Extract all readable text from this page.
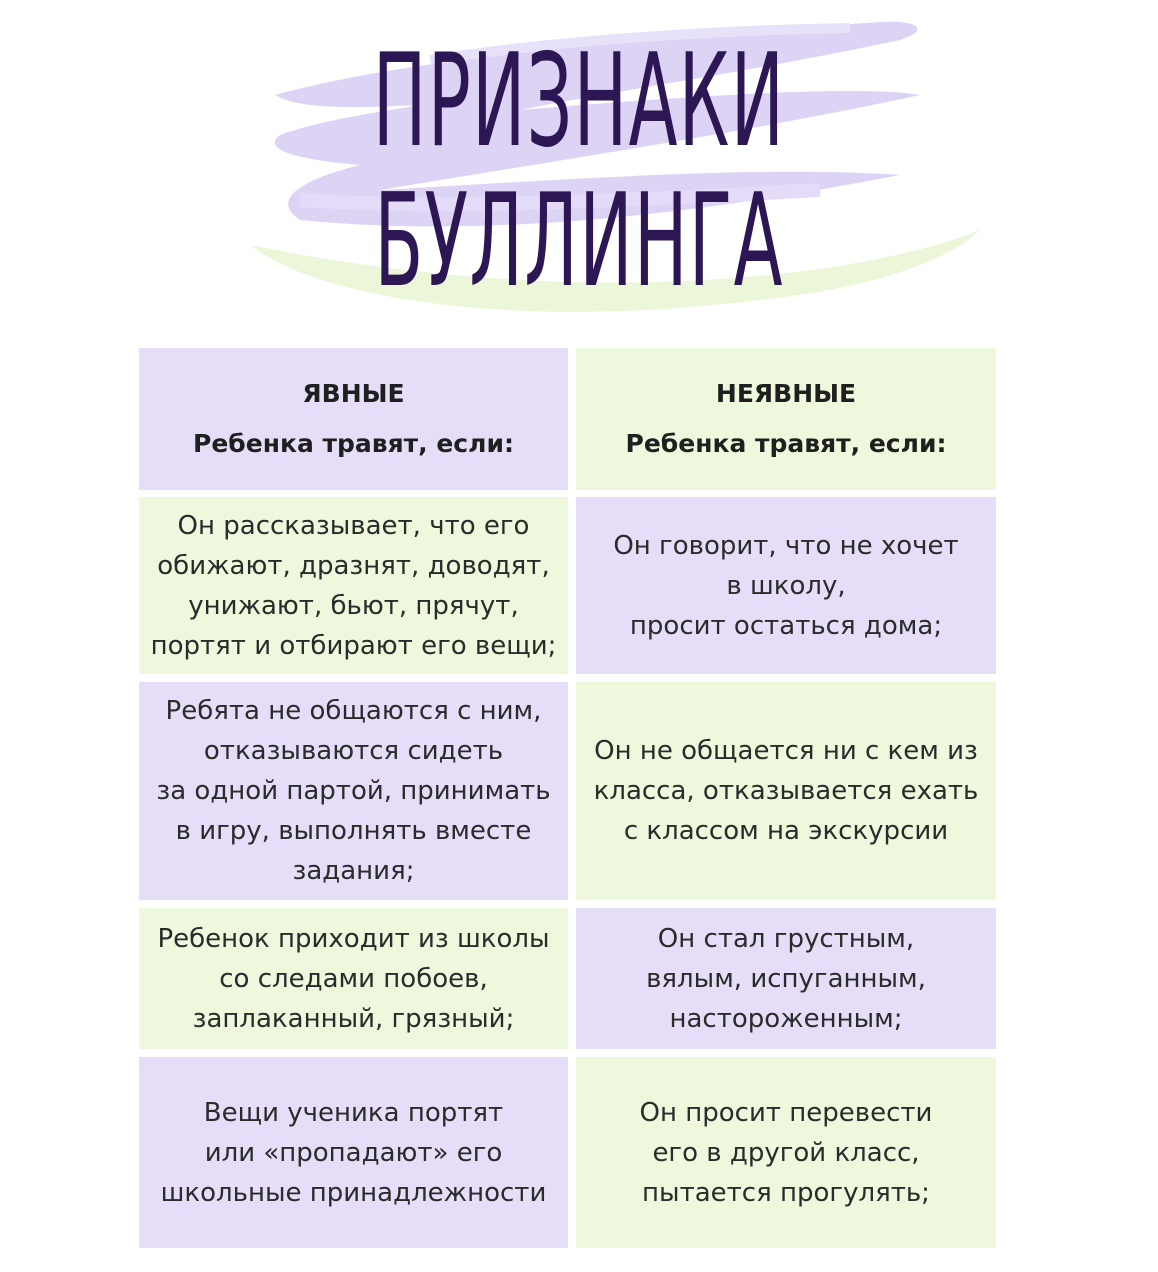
ПРИЗНАКИ
БУЛЛИНГА
ЯВНЫЕ
Ребенка травят, если:
НЕЯВНЫЕ
Ребенка травят, если:
Он рассказывает, что его
обижают, дразнят, доводят,
унижают, бьют, прячут,
портят и отбирают его вещи;
Он говорит, что не хочет
в школу,
просит остаться дома;
Ребята не общаются с ним,
отказываются сидеть
за одной партой, принимать
в игру, выполнять вместе
задания;
Он не общается ни с кем из
класса, отказывается ехать
с классом на экскурсии
Ребенок приходит из школы
со следами побоев,
заплаканный, грязный;
Он стал грустным,
вялым, испуганным,
настороженным;
Вещи ученика портят
или «пропадают» его
школьные принадлежности
Он просит перевести
его в другой класс,
пытается прогулять;
